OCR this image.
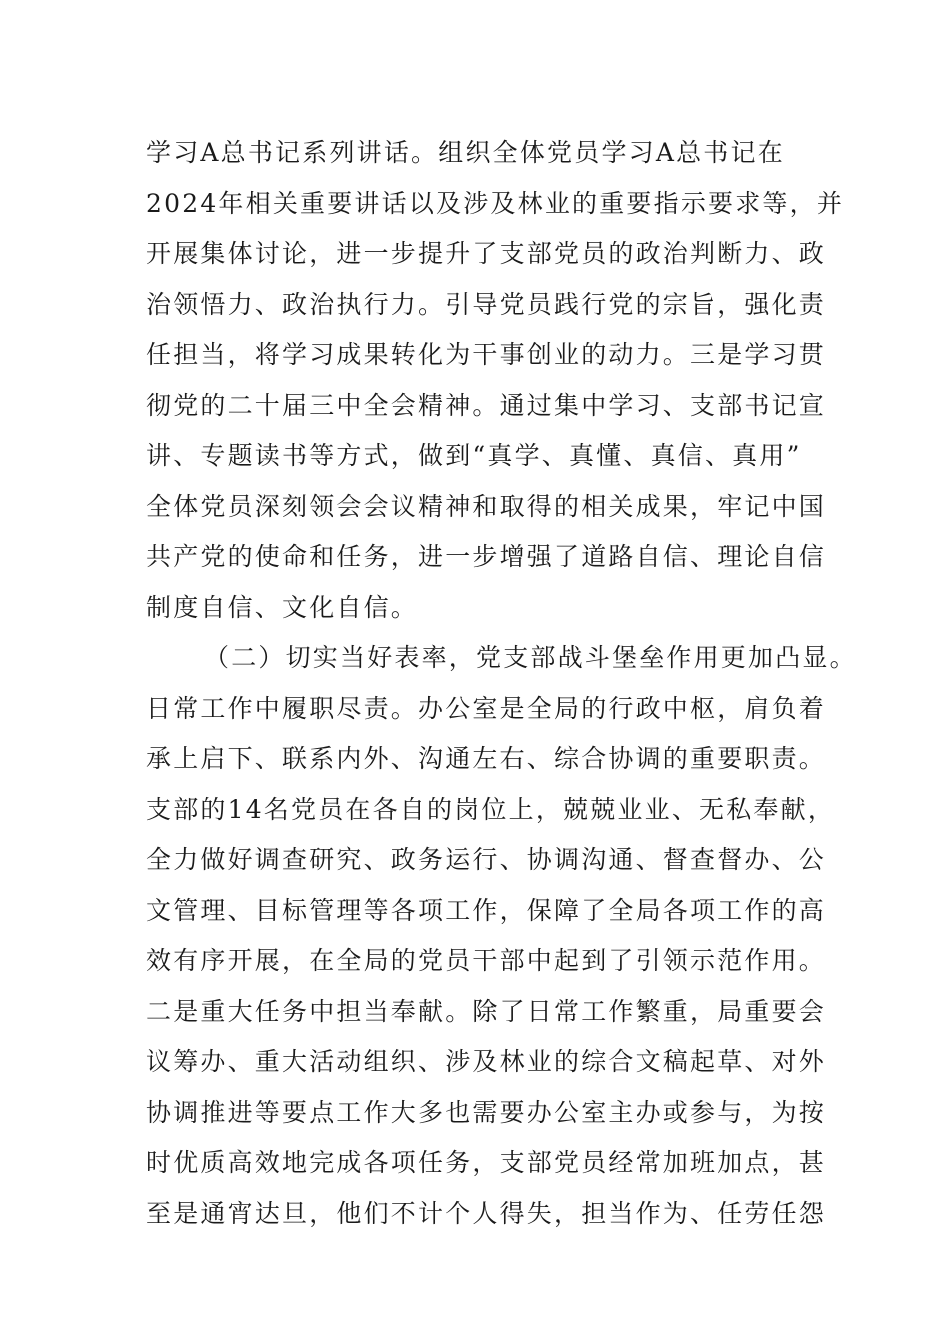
学习A总书记系列讲话。组织全体党员学习A总书记在

2024年相关重要讲话以及涉及林业的重要指示要求等，并

开展集体讨论，进一步提升了支部党员的政治判断力、政

治领悟力、政治执行力。引导党员践行党的宗旨，强化责

任担当，将学习成果转化为干事创业的动力。三是学习贯

彻党的二十届三中全会精神。通过集中学习、支部书记宣

讲、专题读书等方式，做到“真学、真懂、真信、真用”

全体党员深刻领会会议精神和取得的相关成果，牢记中国

共产党的使命和任务，进一步增强了道路自信、理论自信

制度自信、文化自信。

（二）切实当好表率，党支部战斗堡垒作用更加凸显。

日常工作中履职尽责。办公室是全局的行政中枢，肩负着

承上启下、联系内外、沟通左右、综合协调的重要职责。

支部的14名党员在各自的岗位上，兢兢业业、无私奉献，

全力做好调查研究、政务运行、协调沟通、督查督办、公

文管理、目标管理等各项工作，保障了全局各项工作的高

效有序开展，在全局的党员干部中起到了引领示范作用。

二是重大任务中担当奉献。除了日常工作繁重，局重要会

议筹办、重大活动组织、涉及林业的综合文稿起草、对外

协调推进等要点工作大多也需要办公室主办或参与，为按

时优质高效地完成各项任务，支部党员经常加班加点，甚

至是通宵达旦，他们不计个人得失，担当作为、任劳任怨
